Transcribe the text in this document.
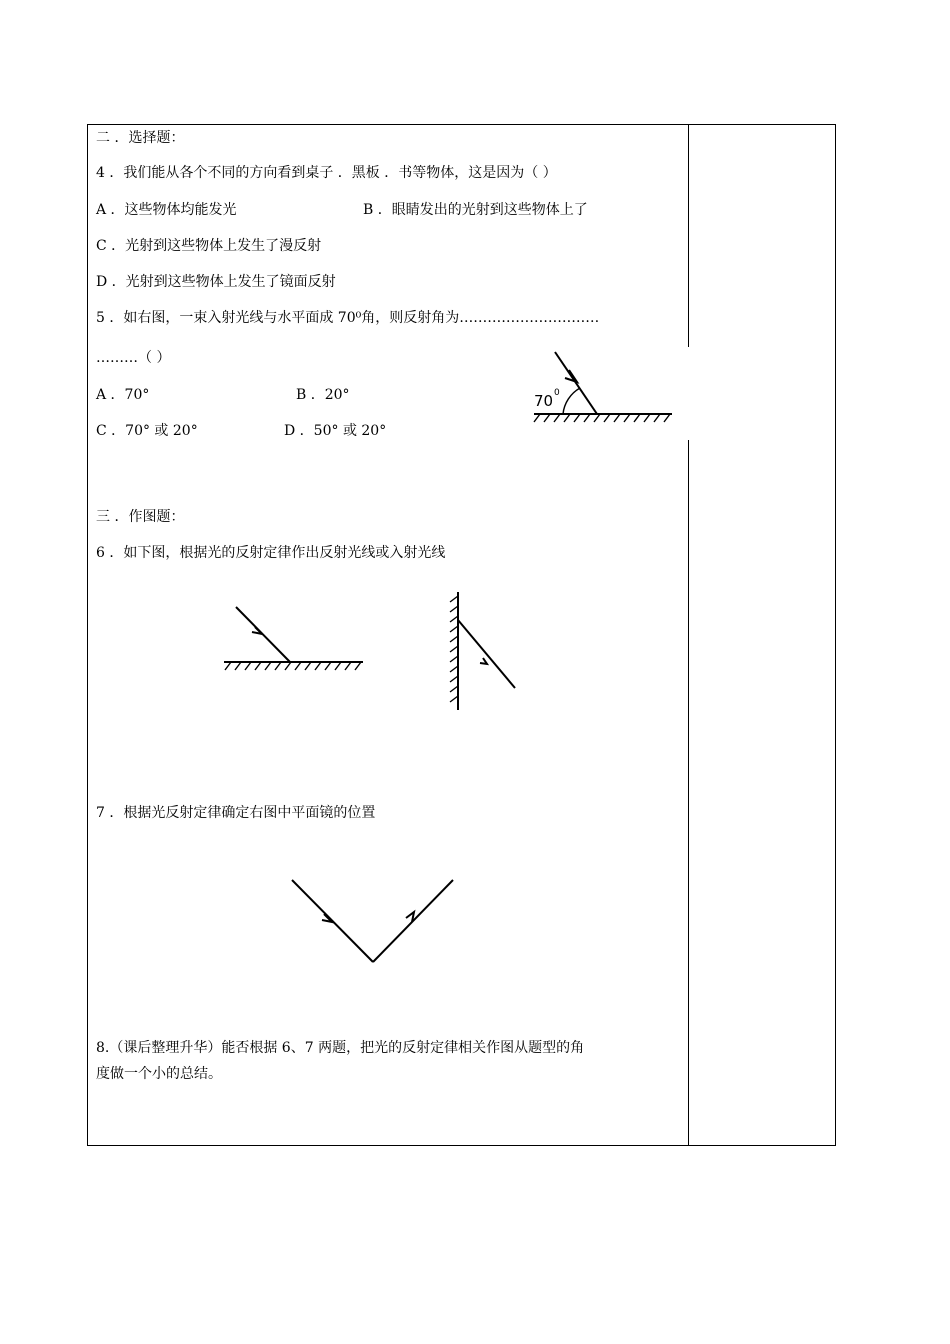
二 ．选择题：
4 ．我们能从各个不同的方向看到桌子 ．黑板 ．书等物体，这是因为（ ）
A ．这些物体均能发光	B ．眼睛发出的光射到这些物体上了
C ．光射到这些物体上发生了漫反射
D ．光射到这些物体上发生了镜面反射
5 ．如右图，一束入射光线与水平面成 70⁰角，则反射角为…………………………
………（ ）
A ．70°	B ．20°
C ．70° 或 20°	D ．50° 或 20°
70 0
三 ．作图题：
6 ．如下图，根据光的反射定律作出反射光线或入射光线
7 ．根据光反射定律确定右图中平面镜的位置
8.（课后整理升华）能否根据 6、7 两题，把光的反射定律相关作图从题型的角
度做一个小的总结。
